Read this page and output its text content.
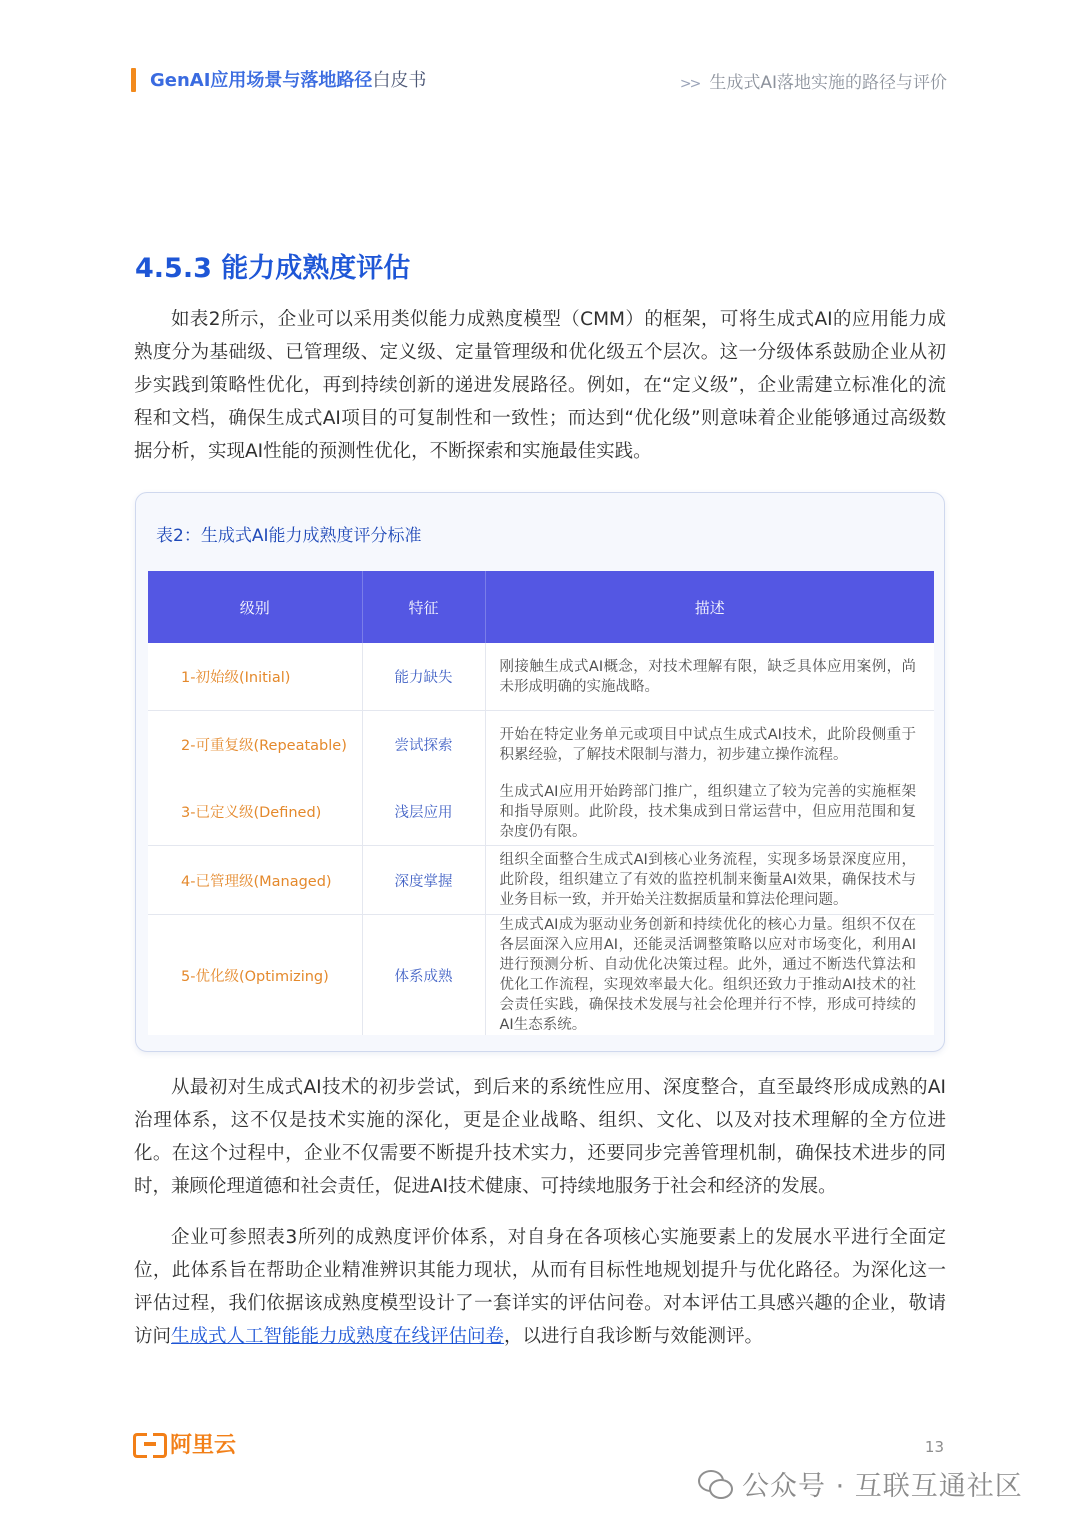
GenAI应用场景与落地路径白皮书	>> 生成式AI落地实施的路径与评价
4.5.3 能力成熟度评估

如表2所示，企业可以采用类似能力成熟度模型（CMM）的框架，可将生成式AI的应用能力成熟度分为基础级、已管理级、定义级、定量管理级和优化级五个层次。这一分级体系鼓励企业从初步实践到策略性优化，再到持续创新的递进发展路径。例如，在“定义级”，企业需建立标准化的流程和文档，确保生成式AI项目的可复制性和一致性；而达到“优化级”则意味着企业能够通过高级数据分析，实现AI性能的预测性优化，不断探索和实施最佳实践。

表2：生成式AI能力成熟度评分标准
级别	特征	描述
1-初始级(Initial)	能力缺失	刚接触生成式AI概念，对技术理解有限，缺乏具体应用案例，尚未形成明确的实施战略。
2-可重复级(Repeatable)	尝试探索	开始在特定业务单元或项目中试点生成式AI技术，此阶段侧重于积累经验，了解技术限制与潜力，初步建立操作流程。
3-已定义级(Defined)	浅层应用	生成式AI应用开始跨部门推广，组织建立了较为完善的实施框架和指导原则。此阶段，技术集成到日常运营中，但应用范围和复杂度仍有限。
4-已管理级(Managed)	深度掌握	组织全面整合生成式AI到核心业务流程，实现多场景深度应用，此阶段，组织建立了有效的监控机制来衡量AI效果，确保技术与业务目标一致，并开始关注数据质量和算法伦理问题。
5-优化级(Optimizing)	体系成熟	生成式AI成为驱动业务创新和持续优化的核心力量。组织不仅在各层面深入应用AI，还能灵活调整策略以应对市场变化，利用AI进行预测分析、自动优化决策过程。此外，通过不断迭代算法和优化工作流程，实现效率最大化。组织还致力于推动AI技术的社会责任实践，确保技术发展与社会伦理并行不悖，形成可持续的AI生态系统。

从最初对生成式AI技术的初步尝试，到后来的系统性应用、深度整合，直至最终形成成熟的AI治理体系，这不仅是技术实施的深化，更是企业战略、组织、文化、以及对技术理解的全方位进化。在这个过程中，企业不仅需要不断提升技术实力，还要同步完善管理机制，确保技术进步的同时，兼顾伦理道德和社会责任，促进AI技术健康、可持续地服务于社会和经济的发展。

企业可参照表3所列的成熟度评价体系，对自身在各项核心实施要素上的发展水平进行全面定位，此体系旨在帮助企业精准辨识其能力现状，从而有目标性地规划提升与优化路径。为深化这一评估过程，我们依据该成熟度模型设计了一套详实的评估问卷。对本评估工具感兴趣的企业，敬请访问生成式人工智能能力成熟度在线评估问卷，以进行自我诊断与效能测评。

阿里云	13
公众号 · 互联互通社区
